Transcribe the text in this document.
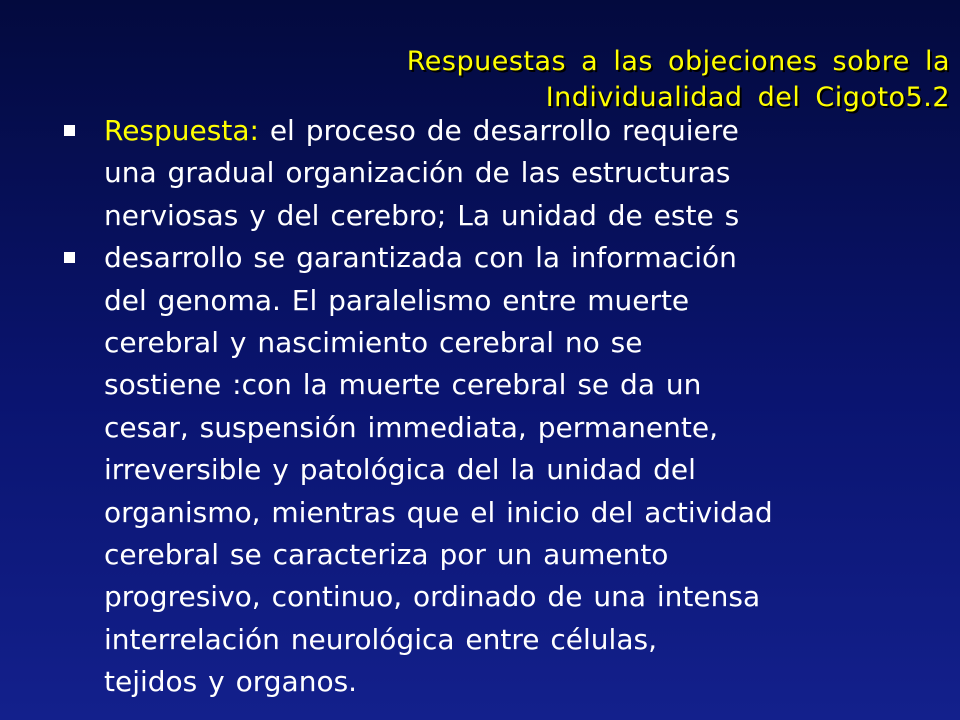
Respuestas a las objeciones sobre la
Individualidad del Cigoto5.2
Respuesta: el proceso de desarrollo requiere
una gradual organización de las estructuras
nerviosas y del cerebro; La unidad de este s
desarrollo se garantizada con la información
del genoma. El paralelismo entre muerte
cerebral y nascimiento cerebral no se
sostiene :con la muerte cerebral se da un
cesar, suspensión immediata, permanente,
irreversible y patológica del la unidad del
organismo, mientras que el inicio del actividad
cerebral se caracteriza por un aumento
progresivo, continuo, ordinado de una intensa
interrelación neurológica entre células,
tejidos y organos.
